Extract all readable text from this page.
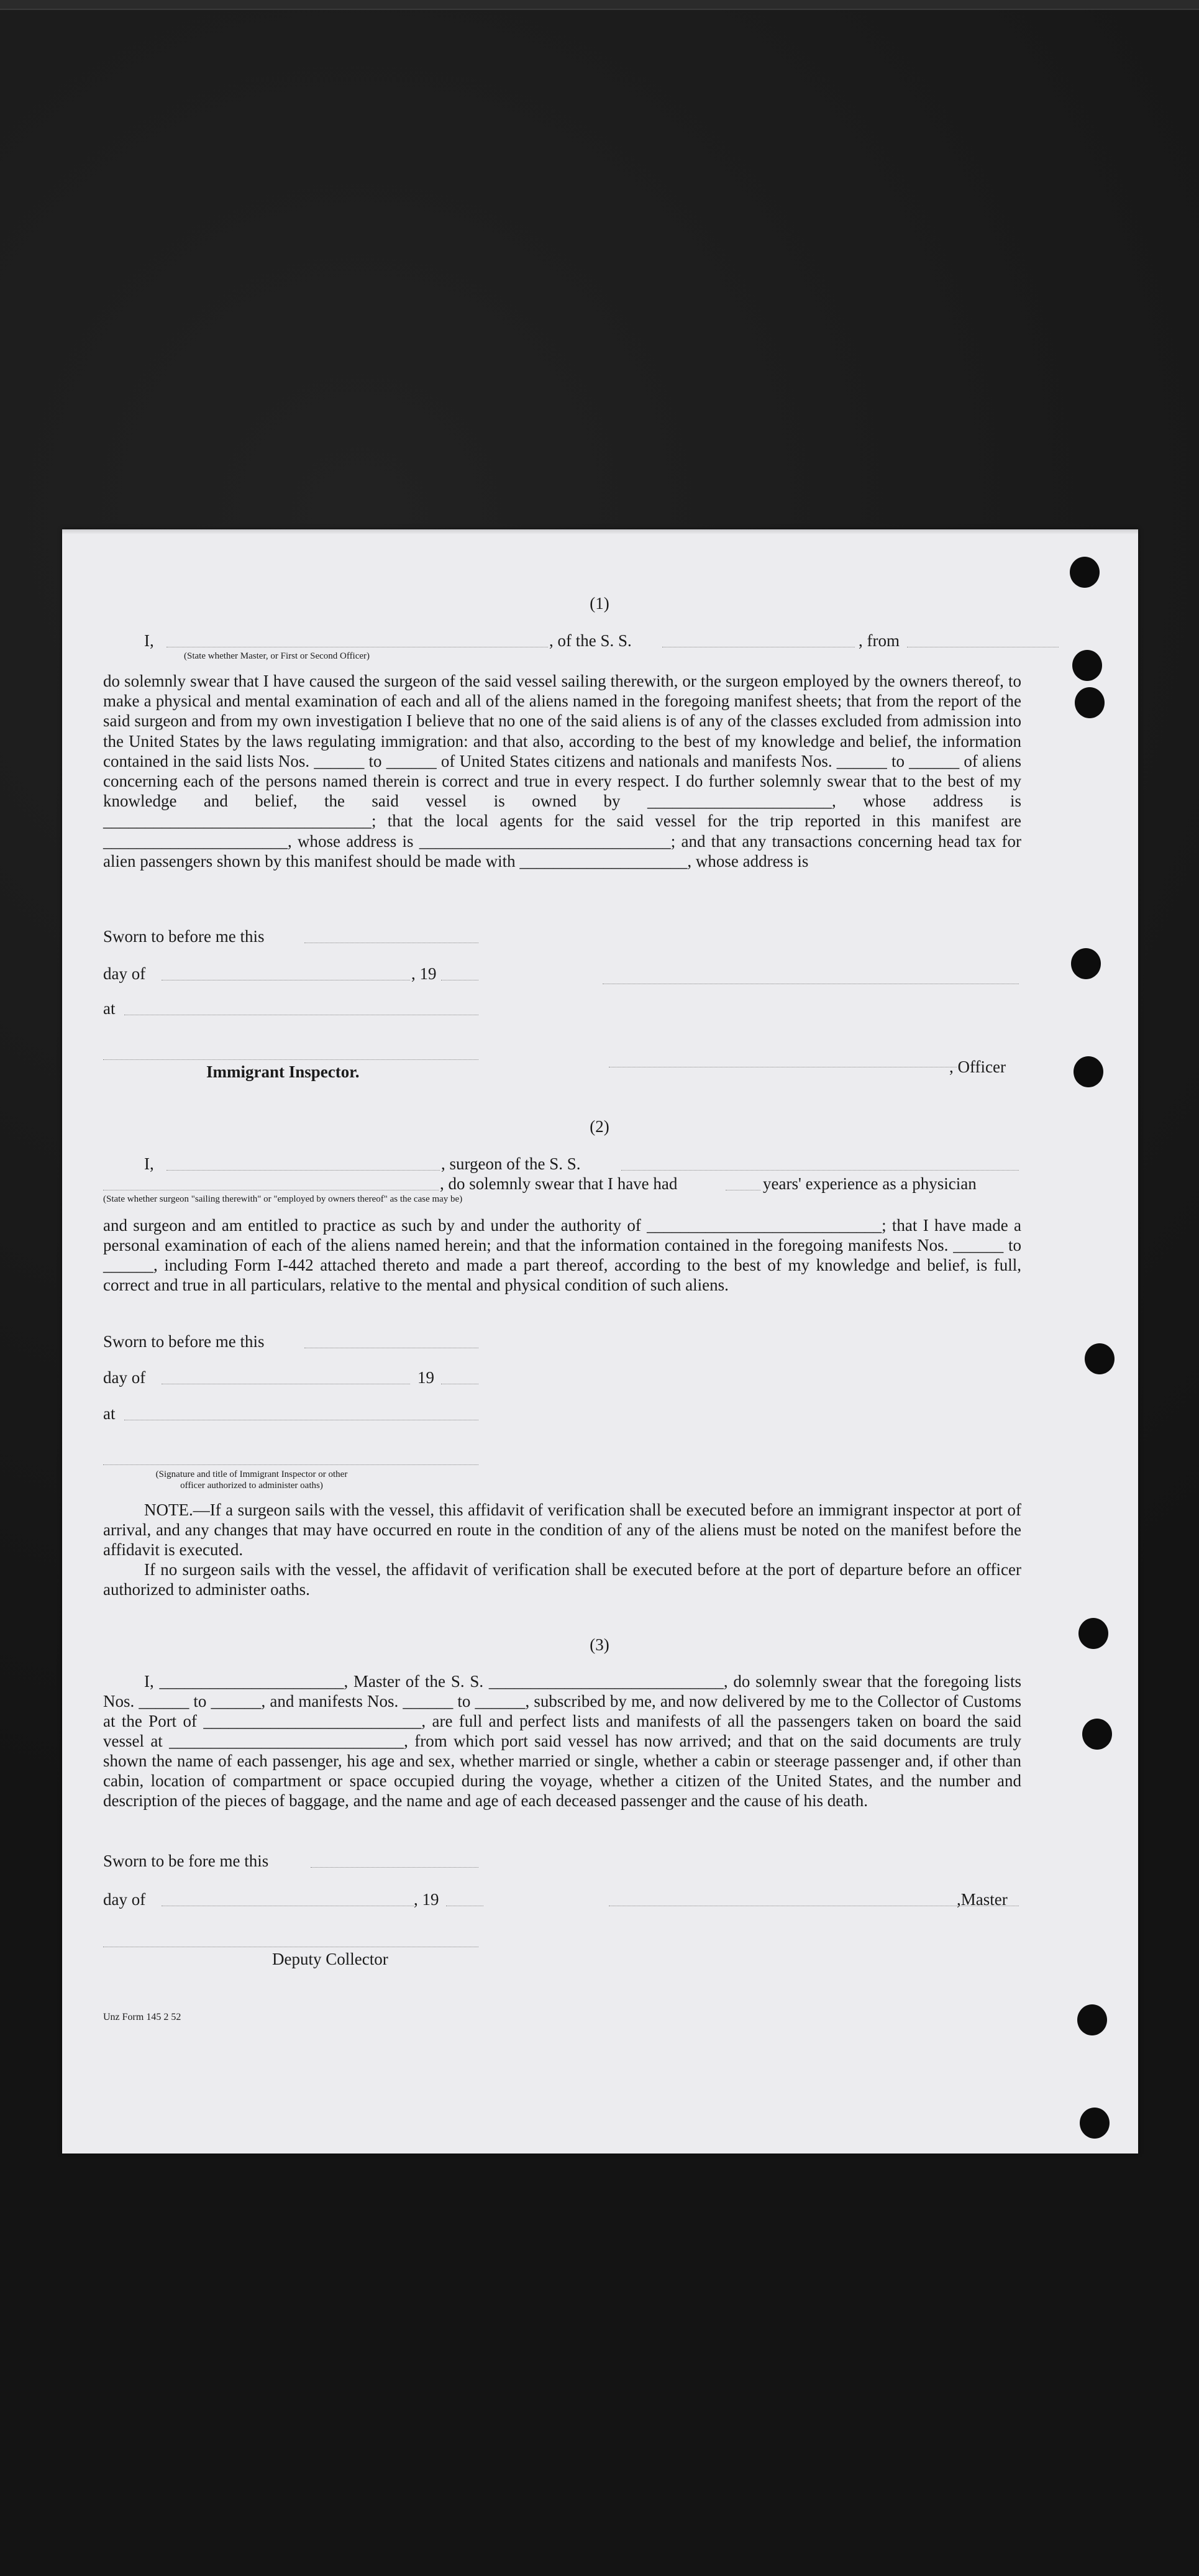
(1)
I,	, of the S. S.	, from
(State whether Master, or First or Second Officer)
do solemnly swear that I have caused the surgeon of the said vessel sailing therewith, or the surgeon employed by the owners thereof, to make a physical and mental examination of each and all of the aliens named in the foregoing manifest sheets; that from the report of the said surgeon and from my own investigation I believe that no one of the said aliens is of any of the classes excluded from admission into the United States by the laws regulating immigration: and that also, according to the best of my knowledge and belief, the information contained in the said lists Nos. ______ to ______ of United States citizens and nationals and manifests Nos. ______ to ______ of aliens concerning each of the persons named therein is correct and true in every respect. I do further solemnly swear that to the best of my knowledge and belief, the said vessel is owned by ______________________, whose address is ________________________________; that the local agents for the said vessel for the trip reported in this manifest are ______________________, whose address is ______________________________; and that any transactions concerning head tax for alien passengers shown by this manifest should be made with ____________________, whose address is
Sworn to before me this
day of	, 19
at
Immigrant Inspector.	, Officer
(2)
I,	, surgeon of the S. S.
, do solemnly swear that I have had	years' experience as a physician
(State whether surgeon "sailing therewith" or "employed by owners thereof" as the case may be)
and surgeon and am entitled to practice as such by and under the authority of ____________________________; that I have made a personal examination of each of the aliens named herein; and that the information contained in the foregoing manifests Nos. ______ to ______, including Form I-442 attached thereto and made a part thereof, according to the best of my knowledge and belief, is full, correct and true in all particulars, relative to the mental and physical condition of such aliens.
Sworn to before me this
day of	19
at
(Signature and title of Immigrant Inspector or other officer authorized to administer oaths)
NOTE.—If a surgeon sails with the vessel, this affidavit of verification shall be executed before an immigrant inspector at port of arrival, and any changes that may have occurred en route in the condition of any of the aliens must be noted on the manifest before the affidavit is executed.
If no surgeon sails with the vessel, the affidavit of verification shall be executed before at the port of departure before an officer authorized to administer oaths.
(3)
I, ______________________, Master of the S. S. ____________________________, do solemnly swear that the foregoing lists Nos. ______ to ______, and manifests Nos. ______ to ______, subscribed by me, and now delivered by me to the Collector of Customs at the Port of __________________________, are full and perfect lists and manifests of all the passengers taken on board the said vessel at ____________________________, from which port said vessel has now arrived; and that on the said documents are truly shown the name of each passenger, his age and sex, whether married or single, whether a cabin or steerage passenger and, if other than cabin, location of compartment or space occupied during the voyage, whether a citizen of the United States, and the number and description of the pieces of baggage, and the name and age of each deceased passenger and the cause of his death.
Sworn to be fore me this
day of	, 19	,Master
Deputy Collector
Unz Form 145 2 52
